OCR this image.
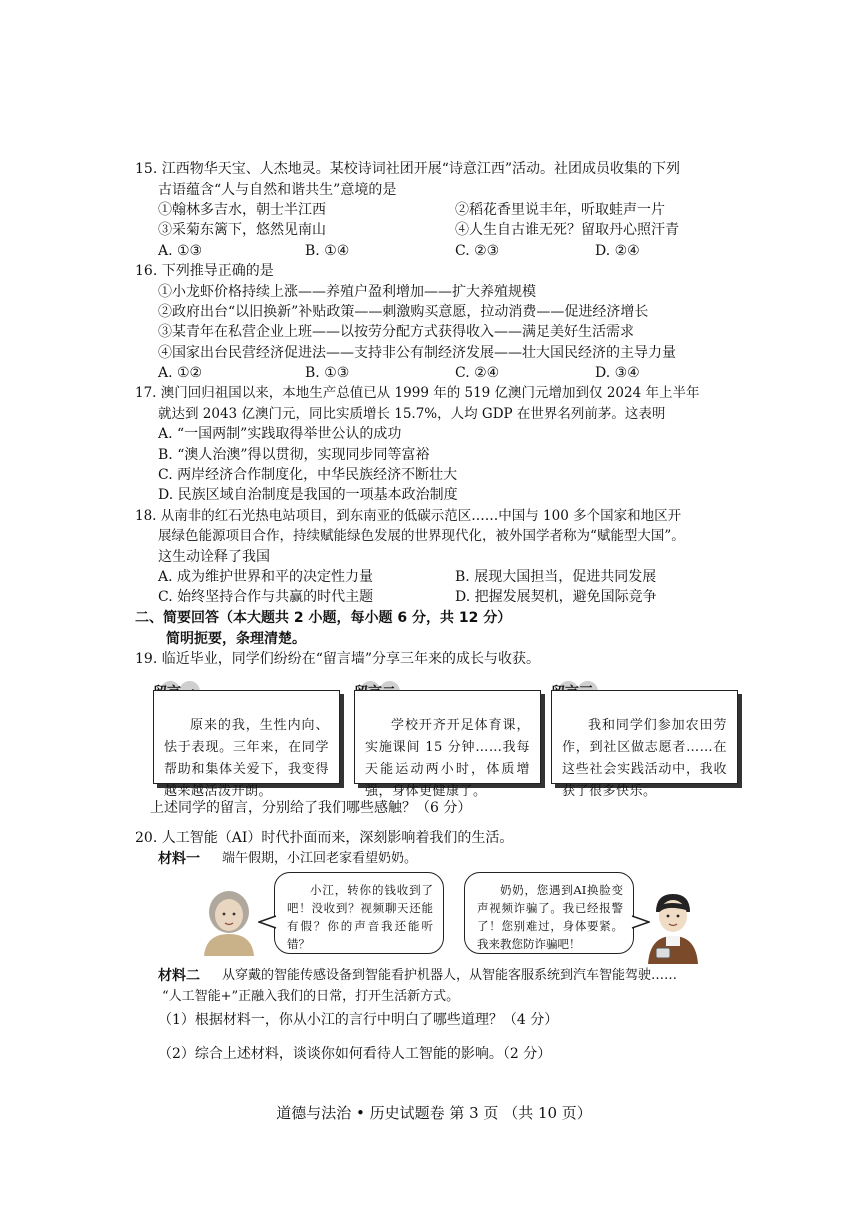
15. 江西物华天宝、人杰地灵。某校诗词社团开展“诗意江西”活动。社团成员收集的下列
古语蕴含“人与自然和谐共生”意境的是
①翰林多吉水，朝士半江西	②稻花香里说丰年，听取蛙声一片
③采菊东篱下，悠然见南山	④人生自古谁无死？留取丹心照汗青
A. ①③	B. ①④	C. ②③	D. ②④
16. 下列推导正确的是
①小龙虾价格持续上涨——养殖户盈利增加——扩大养殖规模
②政府出台“以旧换新”补贴政策——刺激购买意愿，拉动消费——促进经济增长
③某青年在私营企业上班——以按劳分配方式获得收入——满足美好生活需求
④国家出台民营经济促进法——支持非公有制经济发展——壮大国民经济的主导力量
A. ①②	B. ①③	C. ②④	D. ③④
17. 澳门回归祖国以来，本地生产总值已从 1999 年的 519 亿澳门元增加到仅 2024 年上半年
就达到 2043 亿澳门元，同比实质增长 15.7%，人均 GDP 在世界名列前茅。这表明
A. “一国两制”实践取得举世公认的成功
B. “澳人治澳”得以贯彻，实现同步同等富裕
C. 两岸经济合作制度化，中华民族经济不断壮大
D. 民族区域自治制度是我国的一项基本政治制度
18. 从南非的红石光热电站项目，到东南亚的低碳示范区……中国与 100 多个国家和地区开
展绿色能源项目合作，持续赋能绿色发展的世界现代化，被外国学者称为“赋能型大国”。
这生动诠释了我国
A. 成为维护世界和平的决定性力量	B. 展现大国担当，促进共同发展
C. 始终坚持合作与共赢的时代主题	D. 把握发展契机，避免国际竞争
二、简要回答（本大题共 2 小题，每小题 6 分，共 12 分）
简明扼要，条理清楚。
19. 临近毕业，同学们纷纷在“留言墙”分享三年来的成长与收获。
原来的我，生性内向、怯于表现。三年来，在同学帮助和集体关爱下，我变得越来越活泼开朗。
学校开齐开足体育课，实施课间 15 分钟……我每天能运动两小时，体质增强，身体更健康了。
我和同学们参加农田劳作，到社区做志愿者……在这些社会实践活动中，我收获了很多快乐。
上述同学的留言，分别给了我们哪些感触？（6 分）
20. 人工智能（AI）时代扑面而来，深刻影响着我们的生活。
材料一 端午假期，小江回老家看望奶奶。
小江，转你的钱收到了吧！没收到？视频聊天还能有假？你的声音我还能听错？
奶奶，您遇到AI换脸变声视频诈骗了。我已经报警了！您别难过，身体要紧。我来教您防诈骗吧！
材料二 从穿戴的智能传感设备到智能看护机器人，从智能客服系统到汽车智能驾驶……
“人工智能+”正融入我们的日常，打开生活新方式。
（1）根据材料一，你从小江的言行中明白了哪些道理？（4 分）
（2）综合上述材料，谈谈你如何看待人工智能的影响。（2 分）
道德与法治 • 历史试题卷 第 3 页 （共 10 页）
